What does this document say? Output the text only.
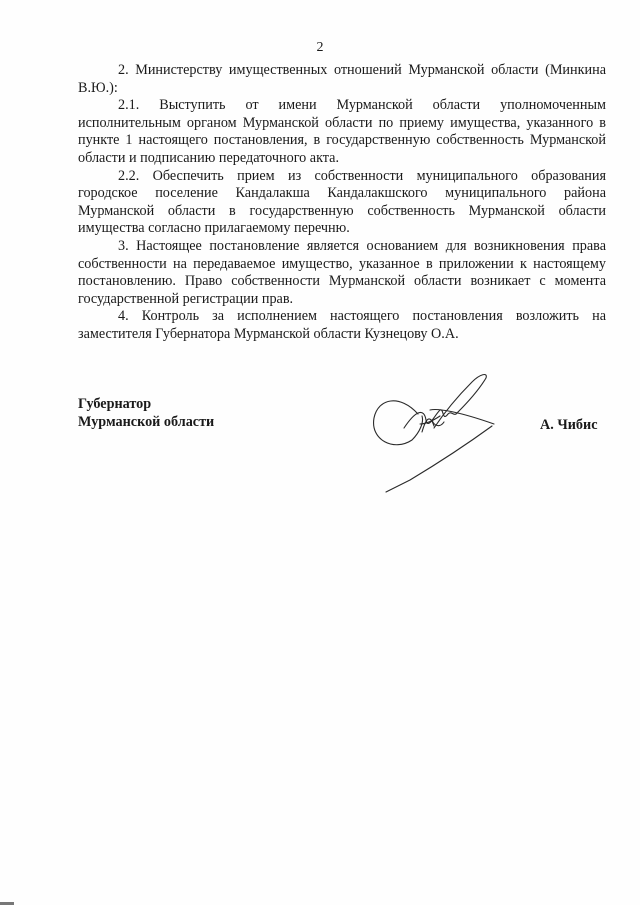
2

2. Министерству имущественных отношений Мурманской области (Минкина В.Ю.):

2.1. Выступить от имени Мурманской области уполномоченным исполнительным органом Мурманской области по приему имущества, указанного в пункте 1 настоящего постановления, в государственную собственность Мурманской области и подписанию передаточного акта.

2.2. Обеспечить прием из собственности муниципального образования городское поселение Кандалакша Кандалакшского муниципального района Мурманской области в государственную собственность Мурманской области имущества согласно прилагаемому перечню.

3. Настоящее постановление является основанием для возникновения права собственности на передаваемое имущество, указанное в приложении к настоящему постановлению. Право собственности Мурманской области возникает с момента государственной регистрации прав.

4. Контроль за исполнением настоящего постановления возложить на заместителя Губернатора Мурманской области Кузнецову О.А.

Губернатор
Мурманской области	А. Чибис
